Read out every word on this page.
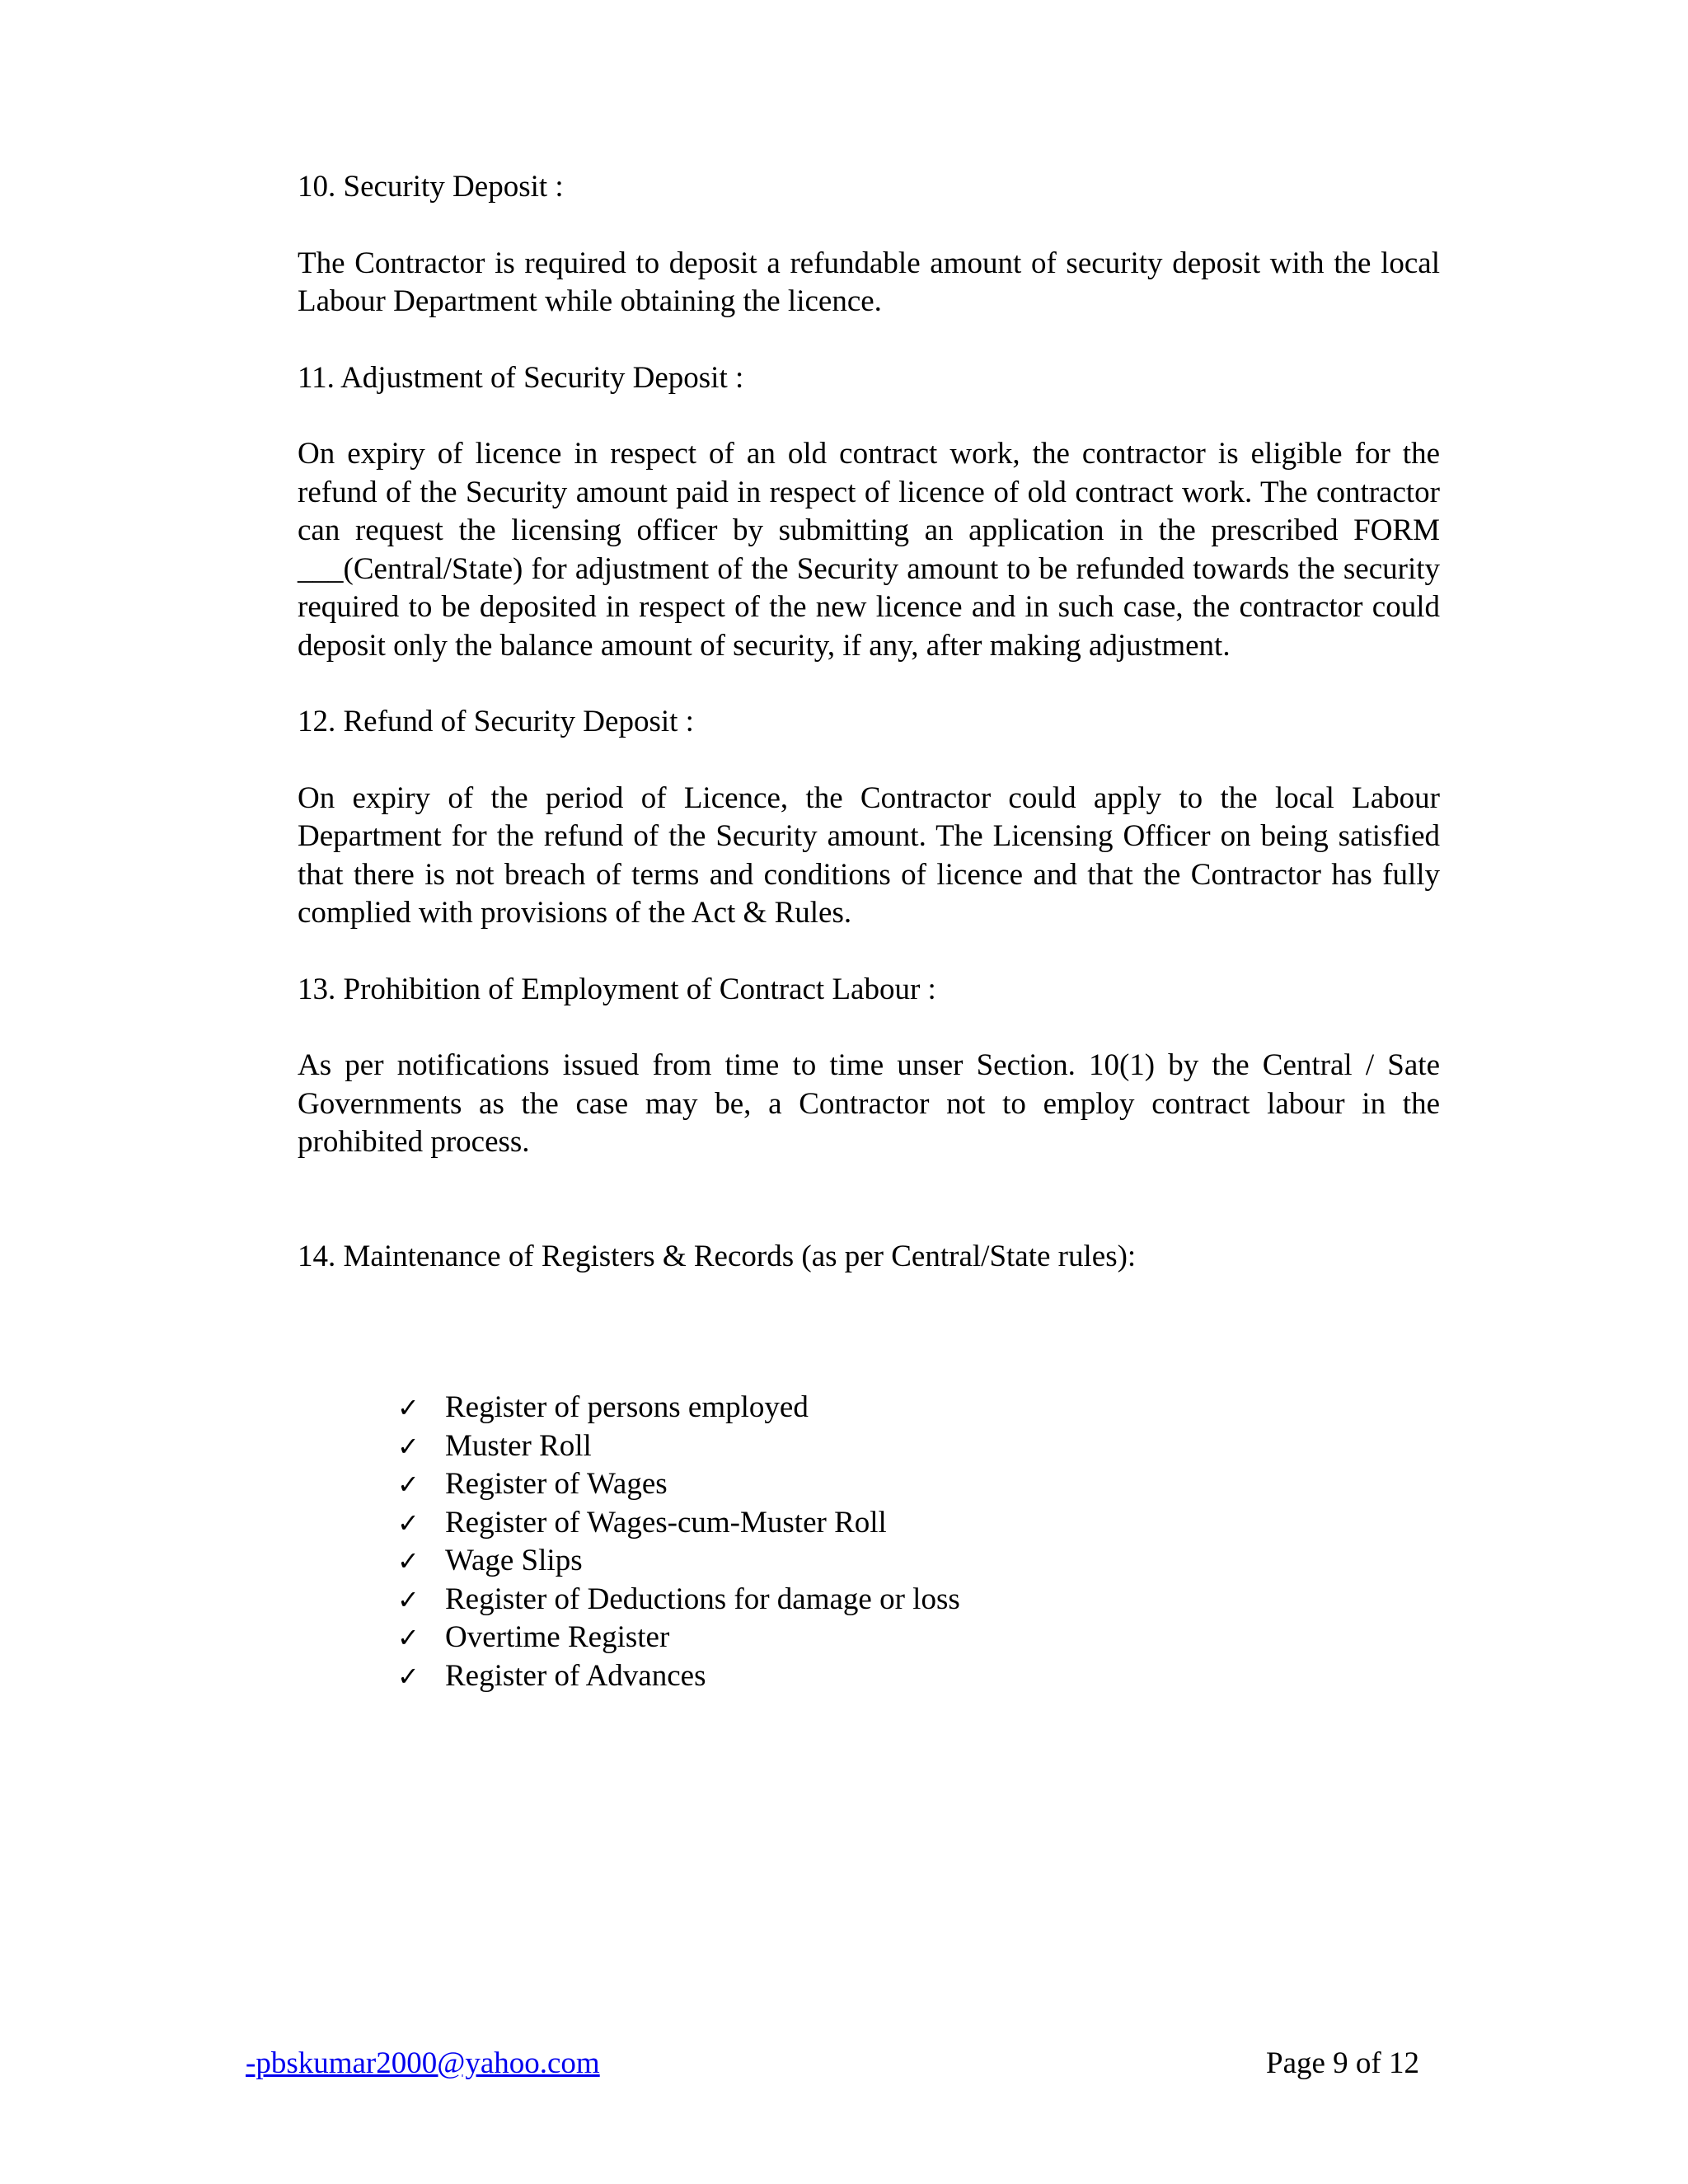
10. Security Deposit :

The Contractor is required to deposit a refundable amount of security deposit with the local Labour Department while obtaining the licence.

11. Adjustment of Security Deposit :

On expiry of licence in respect of an old contract work, the contractor is eligible for the refund of the Security amount paid in respect of licence of old contract work. The contractor can request the licensing officer by submitting an application in the prescribed FORM ___(Central/State) for adjustment of the Security amount to be refunded towards the security required to be deposited in respect of the new licence and in such case, the contractor could deposit only the balance amount of security, if any, after making adjustment.

12. Refund of Security Deposit :

On expiry of the period of Licence, the Contractor could apply to the local Labour Department for the refund of the Security amount. The Licensing Officer on being satisfied that there is not breach of terms and conditions of licence and that the Contractor has fully complied with provisions of the Act & Rules.

13. Prohibition of Employment of Contract Labour :

As per notifications issued from time to time unser Section. 10(1) by the Central / Sate Governments as the case may be, a Contractor not to employ contract labour in the prohibited process.

14. Maintenance of Registers & Records (as per Central/State rules):

✓ Register of persons employed
✓ Muster Roll
✓ Register of Wages
✓ Register of Wages-cum-Muster Roll
✓ Wage Slips
✓ Register of Deductions for damage or loss
✓ Overtime Register
✓ Register of Advances
-pbskumar2000@yahoo.com	Page 9 of 12
